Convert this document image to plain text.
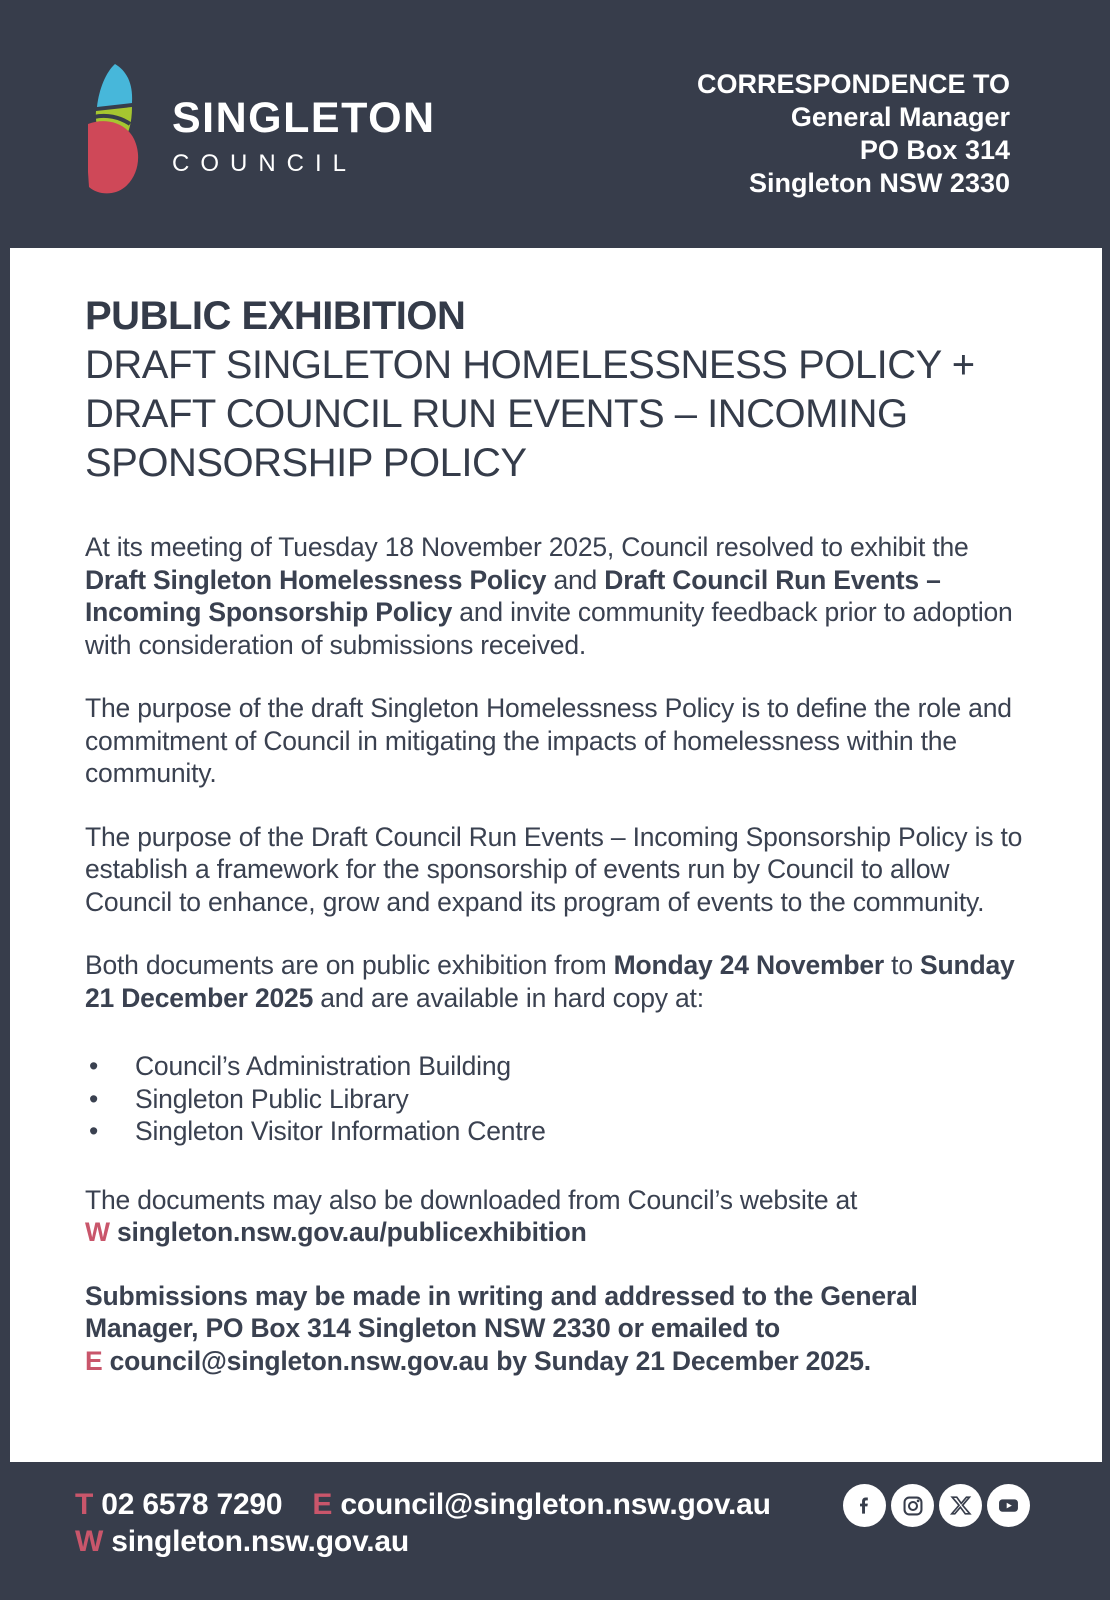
SINGLETON
COUNCIL
CORRESPONDENCE TO
General Manager
PO Box 314
Singleton NSW 2330
PUBLIC EXHIBITION
DRAFT SINGLETON HOMELESSNESS POLICY +
DRAFT COUNCIL RUN EVENTS – INCOMING
SPONSORSHIP POLICY

At its meeting of Tuesday 18 November 2025, Council resolved to exhibit the Draft Singleton Homelessness Policy and Draft Council Run Events – Incoming Sponsorship Policy and invite community feedback prior to adoption with consideration of submissions received.

The purpose of the draft Singleton Homelessness Policy is to define the role and commitment of Council in mitigating the impacts of homelessness within the community.

The purpose of the Draft Council Run Events – Incoming Sponsorship Policy is to establish a framework for the sponsorship of events run by Council to allow Council to enhance, grow and expand its program of events to the community.

Both documents are on public exhibition from Monday 24 November to Sunday 21 December 2025 and are available in hard copy at:

•	Council’s Administration Building
•	Singleton Public Library
•	Singleton Visitor Information Centre

The documents may also be downloaded from Council’s website at
W singleton.nsw.gov.au/publicexhibition

Submissions may be made in writing and addressed to the General
Manager, PO Box 314 Singleton NSW 2330 or emailed to
E council@singleton.nsw.gov.au by Sunday 21 December 2025.

T 02 6578 7290 E council@singleton.nsw.gov.au
W singleton.nsw.gov.au
